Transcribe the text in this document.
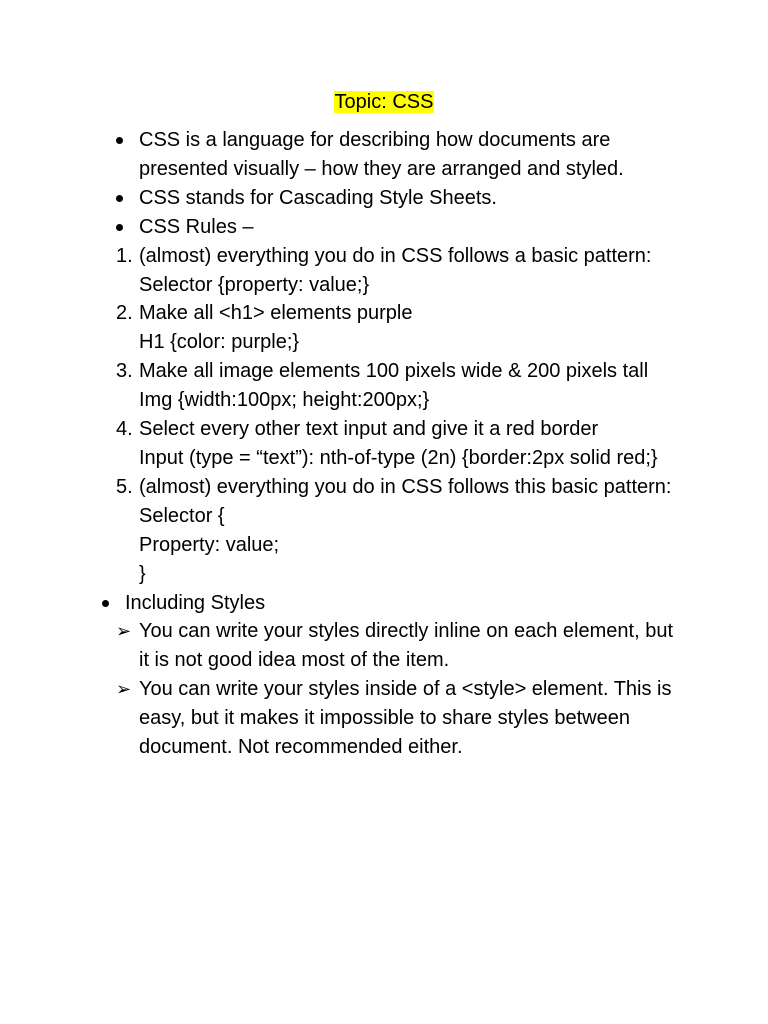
Topic: CSS
CSS is a language for describing how documents are presented visually – how they are arranged and styled.
CSS stands for Cascading Style Sheets.
CSS Rules –
1. (almost) everything you do in CSS follows a basic pattern:
Selector {property: value;}
2. Make all <h1> elements purple
H1 {color: purple;}
3. Make all image elements 100 pixels wide & 200 pixels tall
Img {width:100px; height:200px;}
4. Select every other text input and give it a red border
Input (type = “text”): nth-of-type (2n) {border:2px solid red;}
5. (almost) everything you do in CSS follows this basic pattern:
Selector {
Property: value;
}
Including Styles
➢ You can write your styles directly inline on each element, but it is not good idea most of the item.
➢ You can write your styles inside of a <style> element. This is easy, but it makes it impossible to share styles between document. Not recommended either.
